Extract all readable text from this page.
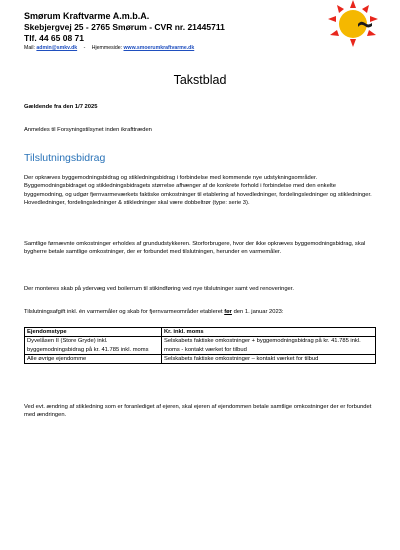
Smørum Kraftvarme A.m.b.A.
Skebjergvej 25 - 2765 Smørum - CVR nr. 21445711
Tlf. 44 65 08 71
Mail: admin@smkv.dk - Hjemmeside: www.smoerumkraftvarme.dk
Takstblad
Gældende fra den 1/7 2025
Anmeldes til Forsyningstilsynet inden ikrafttræden
Tilslutningsbidrag
Der opkræves byggemodningsbidrag og stikledningsbidrag i forbindelse med kommende nye udstykningsområder. Byggemodningsbidraget og stikledningsbidragets størrelse afhænger af de konkrete forhold i forbindelse med den enkelte byggemodning, og udgør fjernvarmeværkets faktiske omkostninger til etablering af hovedledninger, fordelingsledninger og stikledninger. Hovedledninger, fordelingsledninger & stikledninger skal være dobbeltrør (type: serie 3).
Samtlige førnævnte omkostninger erholdes af grundudstykkeren. Storforbrugere, hvor der ikke opkræves byggemodningsbidrag, skal bygherre betale samtlige omkostninger, der er forbundet med tilslutningen, herunder en varmemåler.
Der monteres skab på ydervæg ved boilerrum til stikindføring ved nye tilslutninger samt ved renoveringer.
Tilslutningsafgift inkl. én varmemåler og skab for fjernvarmeområder etableret før den 1. januar 2023:
Ejendomstype	Kr. inkl. moms
Dyvelåsen II (Store Gryde) inkl. byggemodningsbidrag på kr. 41.785 inkl. moms	Selskabets faktiske omkostninger + byggemodningsbidrag på kr. 41.785 inkl. moms - kontakt værket for tilbud
Alle øvrige ejendomme	Selskabets faktiske omkostninger – kontakt værket for tilbud
Ved evt. ændring af stikledning som er foranlediget af ejeren, skal ejeren af ejendommen betale samtlige omkostninger der er forbundet med ændringen.
